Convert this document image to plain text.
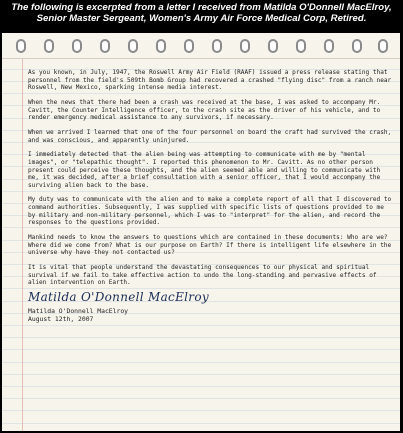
The following is excerpted from a letter I received from Matilda O'Donnell MacElroy,
Senior Master Sergeant, Women's Army Air Force Medical Corp, Retired.

As you known, in July, 1947, the Roswell Army Air Field (RAAF) issued a press release stating that personnel from the field's 509th Bomb Group had recovered a crashed "flying disc" from a ranch near Roswell, New Mexico, sparking intense media interest.

When the news that there had been a crash was received at the base, I was asked to accompany Mr. Cavitt, the Counter Intelligence officer, to the crash site as the driver of his vehicle, and to render emergency medical assistance to any survivors, if necessary.

When we arrived I learned that one of the four personnel on board the craft had survived the crash, and was conscious, and apparently uninjured.

I immediately detected that the alien being was attempting to communicate with me by "mental images", or "telepathic thought". I reported this phenomenon to Mr. Cavitt. As no other person present could perceive these thoughts, and the alien seemed able and willing to communicate with me, it was decided, after a brief consultation with a senior officer, that I would accompany the surviving alien back to the base.

My duty was to communicate with the alien and to make a complete report of all that I discovered to command authorities. Subsequently, I was supplied with specific lists of questions provided to me by military and non-military personnel, which I was to "interpret" for the alien, and record the responses to the questions provided.

Mankind needs to know the answers to questions which are contained in these documents: Who are we? Where did we come from? What is our purpose on Earth? If there is intelligent life elsewhere in the universe why have they not contacted us?

It is vital that people understand the devastating consequences to our physical and spiritual survival if we fail to take effective action to undo the long-standing and pervasive effects of alien intervention on Earth.

Matilda O'Donnell MacElroy
Matilda O'Donnell MacElroy
August 12th, 2007
